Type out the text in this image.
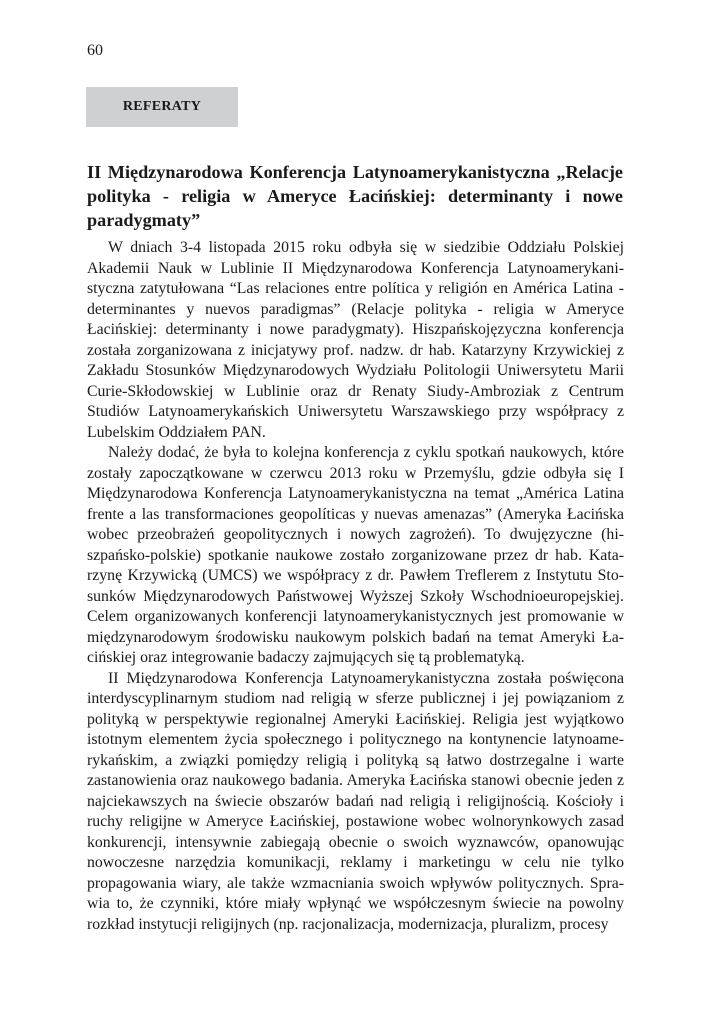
60
REFERATY
II Międzynarodowa Konferencja Latynoamerykanistyczna „Relacje polityka - religia w Ameryce Łacińskiej: determinanty i nowe paradygmaty”

W dniach 3-4 listopada 2015 roku odbyła się w siedzibie Oddziału Polskiej Akademii Nauk w Lublinie II Międzynarodowa Konferencja Latynoamerykanistyczna zatytułowana “Las relaciones entre política y religión en América Latina - determinantes y nuevos paradigmas” (Relacje polityka - religia w Ameryce Łacińskiej: determinanty i nowe paradygmaty). Hiszpańskojęzyczna konferencja została zorganizowana z inicjatywy prof. nadzw. dr hab. Katarzyny Krzywickiej z Zakładu Stosunków Międzynarodowych Wydziału Politologii Uniwersytetu Marii Curie-Skłodowskiej w Lublinie oraz dr Renaty Siudy-Ambroziak z Centrum Studiów Latynoamerykańskich Uniwersytetu Warszawskiego przy współpracy z Lubelskim Oddziałem PAN.

Należy dodać, że była to kolejna konferencja z cyklu spotkań naukowych, które zostały zapoczątkowane w czerwcu 2013 roku w Przemyślu, gdzie odbyła się I Międzynarodowa Konferencja Latynoamerykanistyczna na temat „América Latina frente a las transformaciones geopolíticas y nuevas amenazas” (Ameryka Łacińska wobec przeobrażeń geopolitycznych i nowych zagrożeń). To dwujęzyczne (hiszpańsko-polskie) spotkanie naukowe zostało zorganizowane przez dr hab. Katarzynę Krzywicką (UMCS) we współpracy z dr. Pawłem Treflerem z Instytutu Stosunków Międzynarodowych Państwowej Wyższej Szkoły Wschodnioeuropejskiej. Celem organizowanych konferencji latynoamerykanistycznych jest promowanie w międzynarodowym środowisku naukowym polskich badań na temat Ameryki Łacińskiej oraz integrowanie badaczy zajmujących się tą problematyką.

II Międzynarodowa Konferencja Latynoamerykanistyczna została poświęcona interdyscyplinarnym studiom nad religią w sferze publicznej i jej powiązaniom z polityką w perspektywie regionalnej Ameryki Łacińskiej. Religia jest wyjątkowo istotnym elementem życia społecznego i politycznego na kontynencie latynoamerykańskim, a związki pomiędzy religią i polityką są łatwo dostrzegalne i warte zastanowienia oraz naukowego badania. Ameryka Łacińska stanowi obecnie jeden z najciekawszych na świecie obszarów badań nad religią i religijnością. Kościoły i ruchy religijne w Ameryce Łacińskiej, postawione wobec wolnorynkowych zasad konkurencji, intensywnie zabiegają obecnie o swoich wyznawców, opanowując nowoczesne narzędzia komunikacji, reklamy i marketingu w celu nie tylko propagowania wiary, ale także wzmacniania swoich wpływów politycznych. Sprawia to, że czynniki, które miały wpłynąć we współczesnym świecie na powolny rozkład instytucji religijnych (np. racjonalizacja, modernizacja, pluralizm, procesy
